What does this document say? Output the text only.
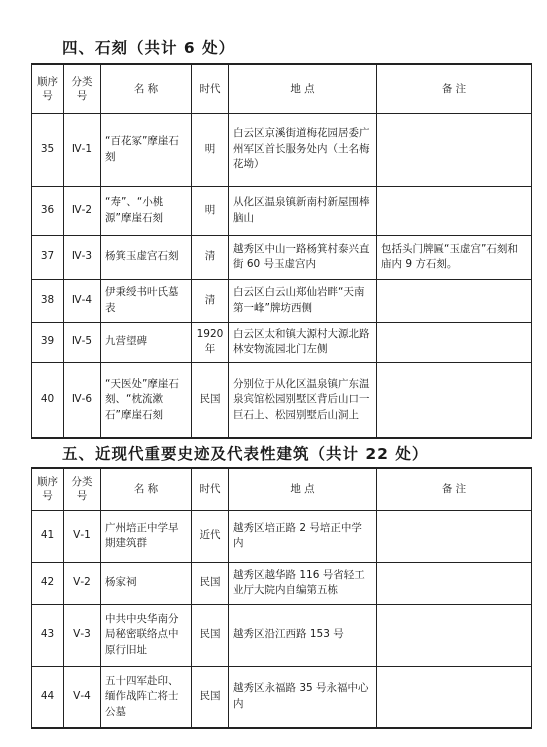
四、石刻（共计 6 处）
顺序号	分类号	名 称	时代	地 点	备 注
35	Ⅳ-1	“百花冢”摩崖石刻	明	白云区京溪街道梅花园居委广州军区首长服务处内（土名梅花坳）	
36	Ⅳ-2	“寿”、“小桃源”摩崖石刻	明	从化区温泉镇新南村新屋围棒脑山	
37	Ⅳ-3	杨箕玉虚宫石刻	清	越秀区中山一路杨箕村泰兴直街 60 号玉虚宫内	包括头门牌匾“玉虚宫”石刻和庙内 9 方石刻。
38	Ⅳ-4	伊秉绶书叶氏墓表	清	白云区白云山郑仙岩畔“天南第一峰”牌坊西侧	
39	Ⅳ-5	九营望碑	1920 年	白云区太和镇大源村大源北路林安物流园北门左侧	
40	Ⅳ-6	“天医处”摩崖石刻、“枕流漱石”摩崖石刻	民国	分别位于从化区温泉镇广东温泉宾馆松园别墅区背后山口一巨石上、松园别墅后山洞上	
五、近现代重要史迹及代表性建筑（共计 22 处）
顺序号	分类号	名 称	时代	地 点	备 注
41	Ⅴ-1	广州培正中学早期建筑群	近代	越秀区培正路 2 号培正中学内	
42	Ⅴ-2	杨家祠	民国	越秀区越华路 116 号省轻工业厅大院内自编第五栋	
43	Ⅴ-3	中共中央华南分局秘密联络点中原行旧址	民国	越秀区沿江西路 153 号	
44	Ⅴ-4	五十四军赴印、缅作战阵亡将士公墓	民国	越秀区永福路 35 号永福中心内	
